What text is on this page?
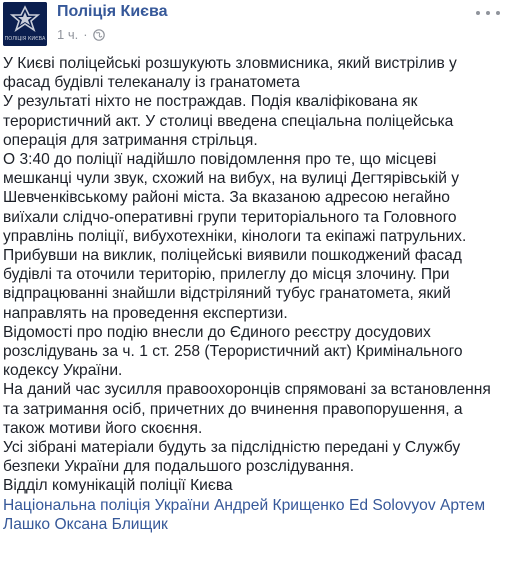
ПОЛІЦІЯ КИЄВА
Поліція Києва
1 ч. ·

У Києві поліцейські розшукують зловмисника, який вистрілив у фасад будівлі телеканалу із гранатомета

У результаті ніхто не постраждав. Подія кваліфікована як терористичний акт. У столиці введена спеціальна поліцейська операція для затримання стрільця.

О 3:40 до поліції надійшло повідомлення про те, що місцеві мешканці чули звук, схожий на вибух, на вулиці Дегтярівській у Шевченківському районі міста. За вказаною адресою негайно виїхали слідчо-оперативні групи територіального та Головного управлінь поліції, вибухотехніки, кінологи та екіпажі патрульних.

Прибувши на виклик, поліцейські виявили пошкоджений фасад будівлі та оточили територію, прилеглу до місця злочину. При відпрацюванні знайшли відстріляний тубус гранатомета, який направлять на проведення експертизи.

Відомості про подію внесли до Єдиного реєстру досудових розслідувань за ч. 1 ст. 258 (Терористичний акт) Кримінального кодексу України.

На даний час зусилля правоохоронців спрямовані за встановлення та затримання осіб, причетних до вчинення правопорушення, а також мотиви його скоєння.

Усі зібрані матеріали будуть за підслідністю передані у Службу безпеки України для подальшого розслідування.

Відділ комунікацій поліції Києва

Національна поліція України Андрей Крищенко Ed Solovyov Артем Лашко Оксана Блищик
